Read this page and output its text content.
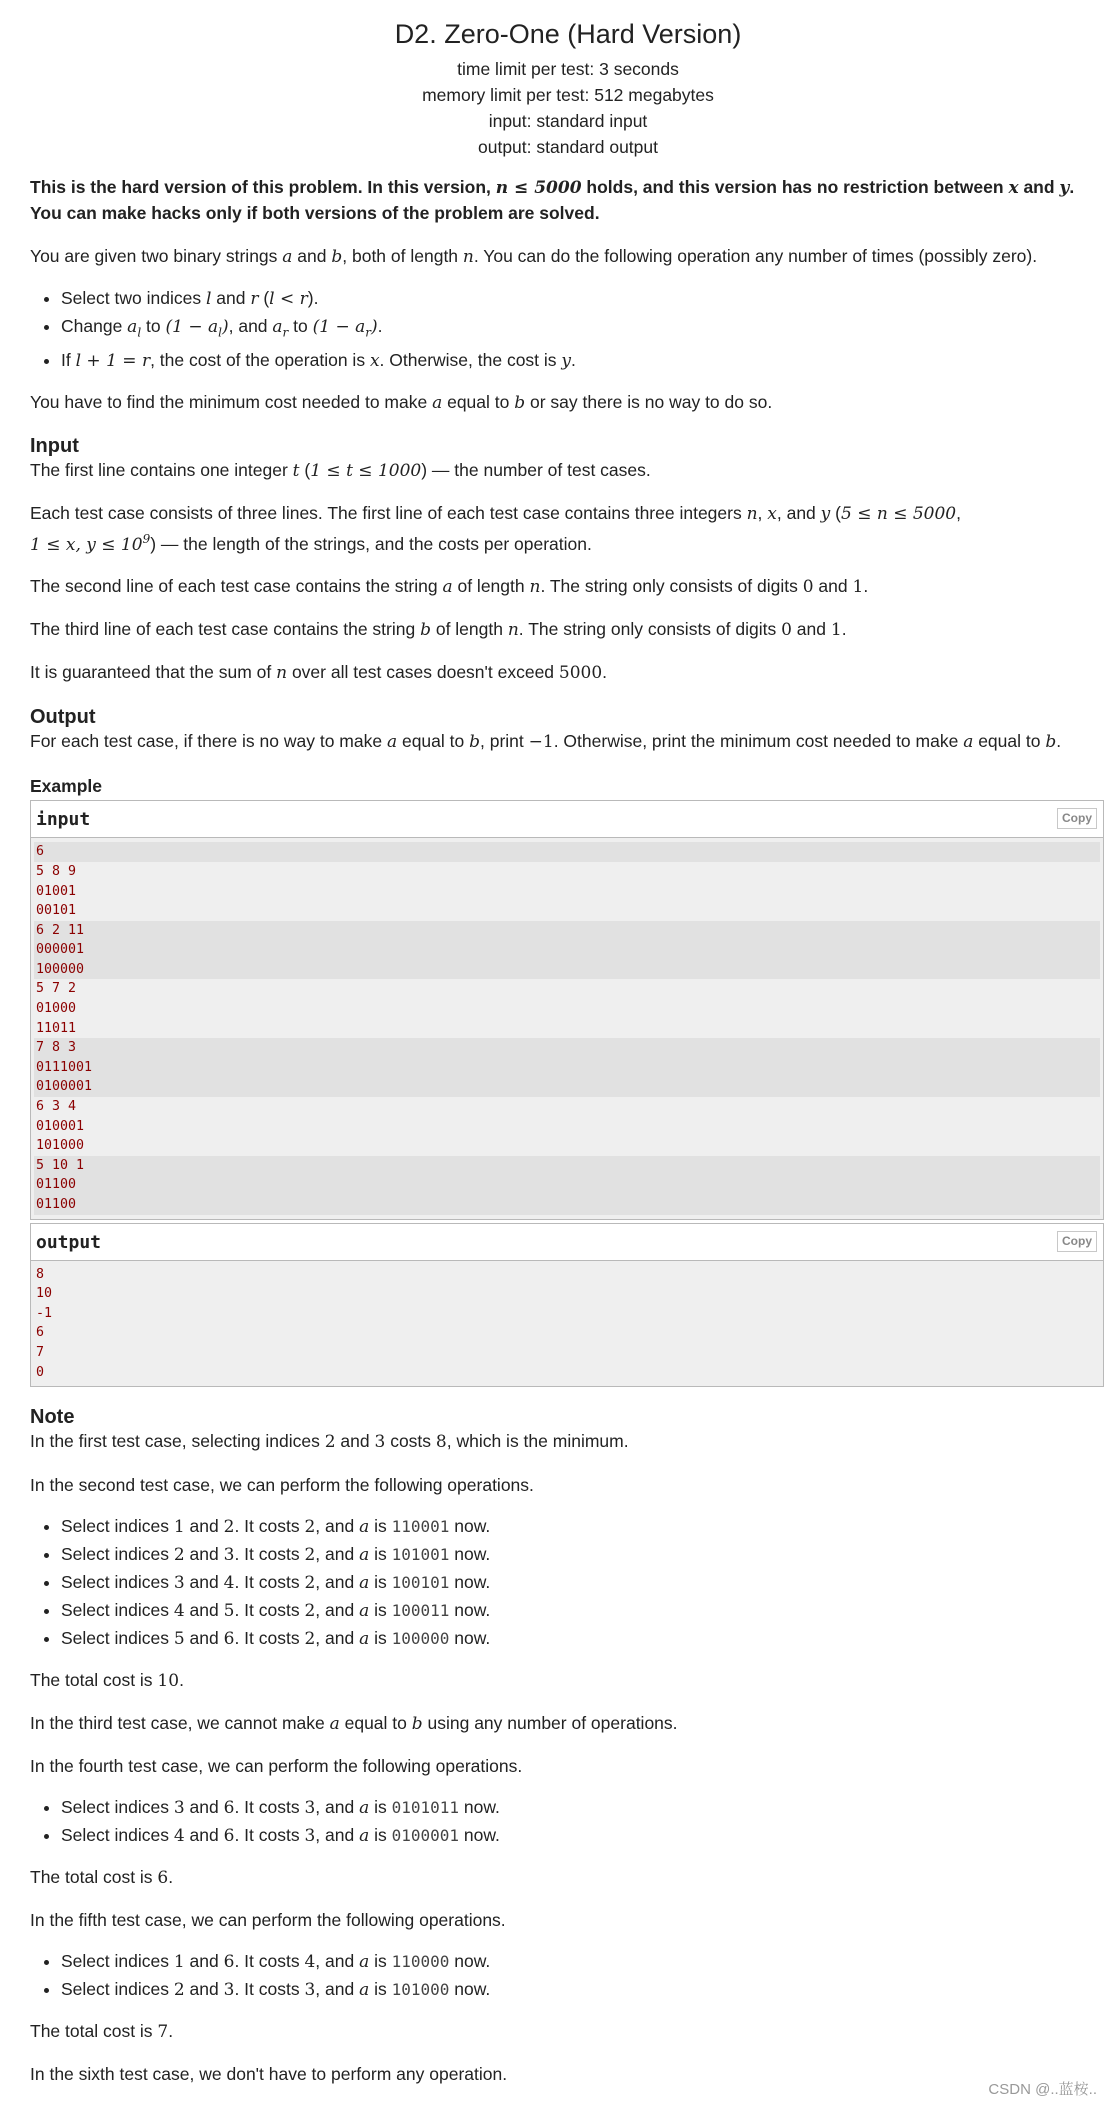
D2. Zero-One (Hard Version)
time limit per test: 3 seconds
memory limit per test: 512 megabytes
input: standard input
output: standard output

This is the hard version of this problem. In this version, n ≤ 5000 holds, and this version has no restriction between x and y.
You can make hacks only if both versions of the problem are solved.

You are given two binary strings a and b, both of length n. You can do the following operation any number of times (possibly zero).

• Select two indices l and r (l < r).
• Change $a_l$ to $(1 - a_l)$, and $a_r$ to $(1 - a_r)$.
• If l + 1 = r, the cost of the operation is x. Otherwise, the cost is y.

You have to find the minimum cost needed to make a equal to b or say there is no way to do so.

Input

The first line contains one integer t (1 ≤ t ≤ 1000) — the number of test cases.

Each test case consists of three lines. The first line of each test case contains three integers n, x, and y (5 ≤ n ≤ 5000,
1 ≤ x, $y \le 10^9$) — the length of the strings, and the costs per operation.

The second line of each test case contains the string a of length n. The string only consists of digits 0 and 1.

The third line of each test case contains the string b of length n. The string only consists of digits 0 and 1.

It is guaranteed that the sum of n over all test cases doesn't exceed 5000.

Output

For each test case, if there is no way to make a equal to b, print −1. Otherwise, print the minimum cost needed to make a equal to b.

Example
input	Copy
6
5 8 9
01001
00101
6 2 11
000001
100000
5 7 2
01000
11011
7 8 3
0111001
0100001
6 3 4
010001
101000
5 10 1
01100
01100
output	Copy
8
10
-1
6
7
0
Note

In the first test case, selecting indices 2 and 3 costs 8, which is the minimum.

In the second test case, we can perform the following operations.

• Select indices 1 and 2. It costs 2, and a is 110001 now.
• Select indices 2 and 3. It costs 2, and a is 101001 now.
• Select indices 3 and 4. It costs 2, and a is 100101 now.
• Select indices 4 and 5. It costs 2, and a is 100011 now.
• Select indices 5 and 6. It costs 2, and a is 100000 now.

The total cost is 10.

In the third test case, we cannot make a equal to b using any number of operations.

In the fourth test case, we can perform the following operations.

• Select indices 3 and 6. It costs 3, and a is 0101011 now.
• Select indices 4 and 6. It costs 3, and a is 0100001 now.

The total cost is 6.

In the fifth test case, we can perform the following operations.

• Select indices 1 and 6. It costs 4, and a is 110000 now.
• Select indices 2 and 3. It costs 3, and a is 101000 now.

The total cost is 7.

In the sixth test case, we don't have to perform any operation.

CSDN @..蓝桉..
